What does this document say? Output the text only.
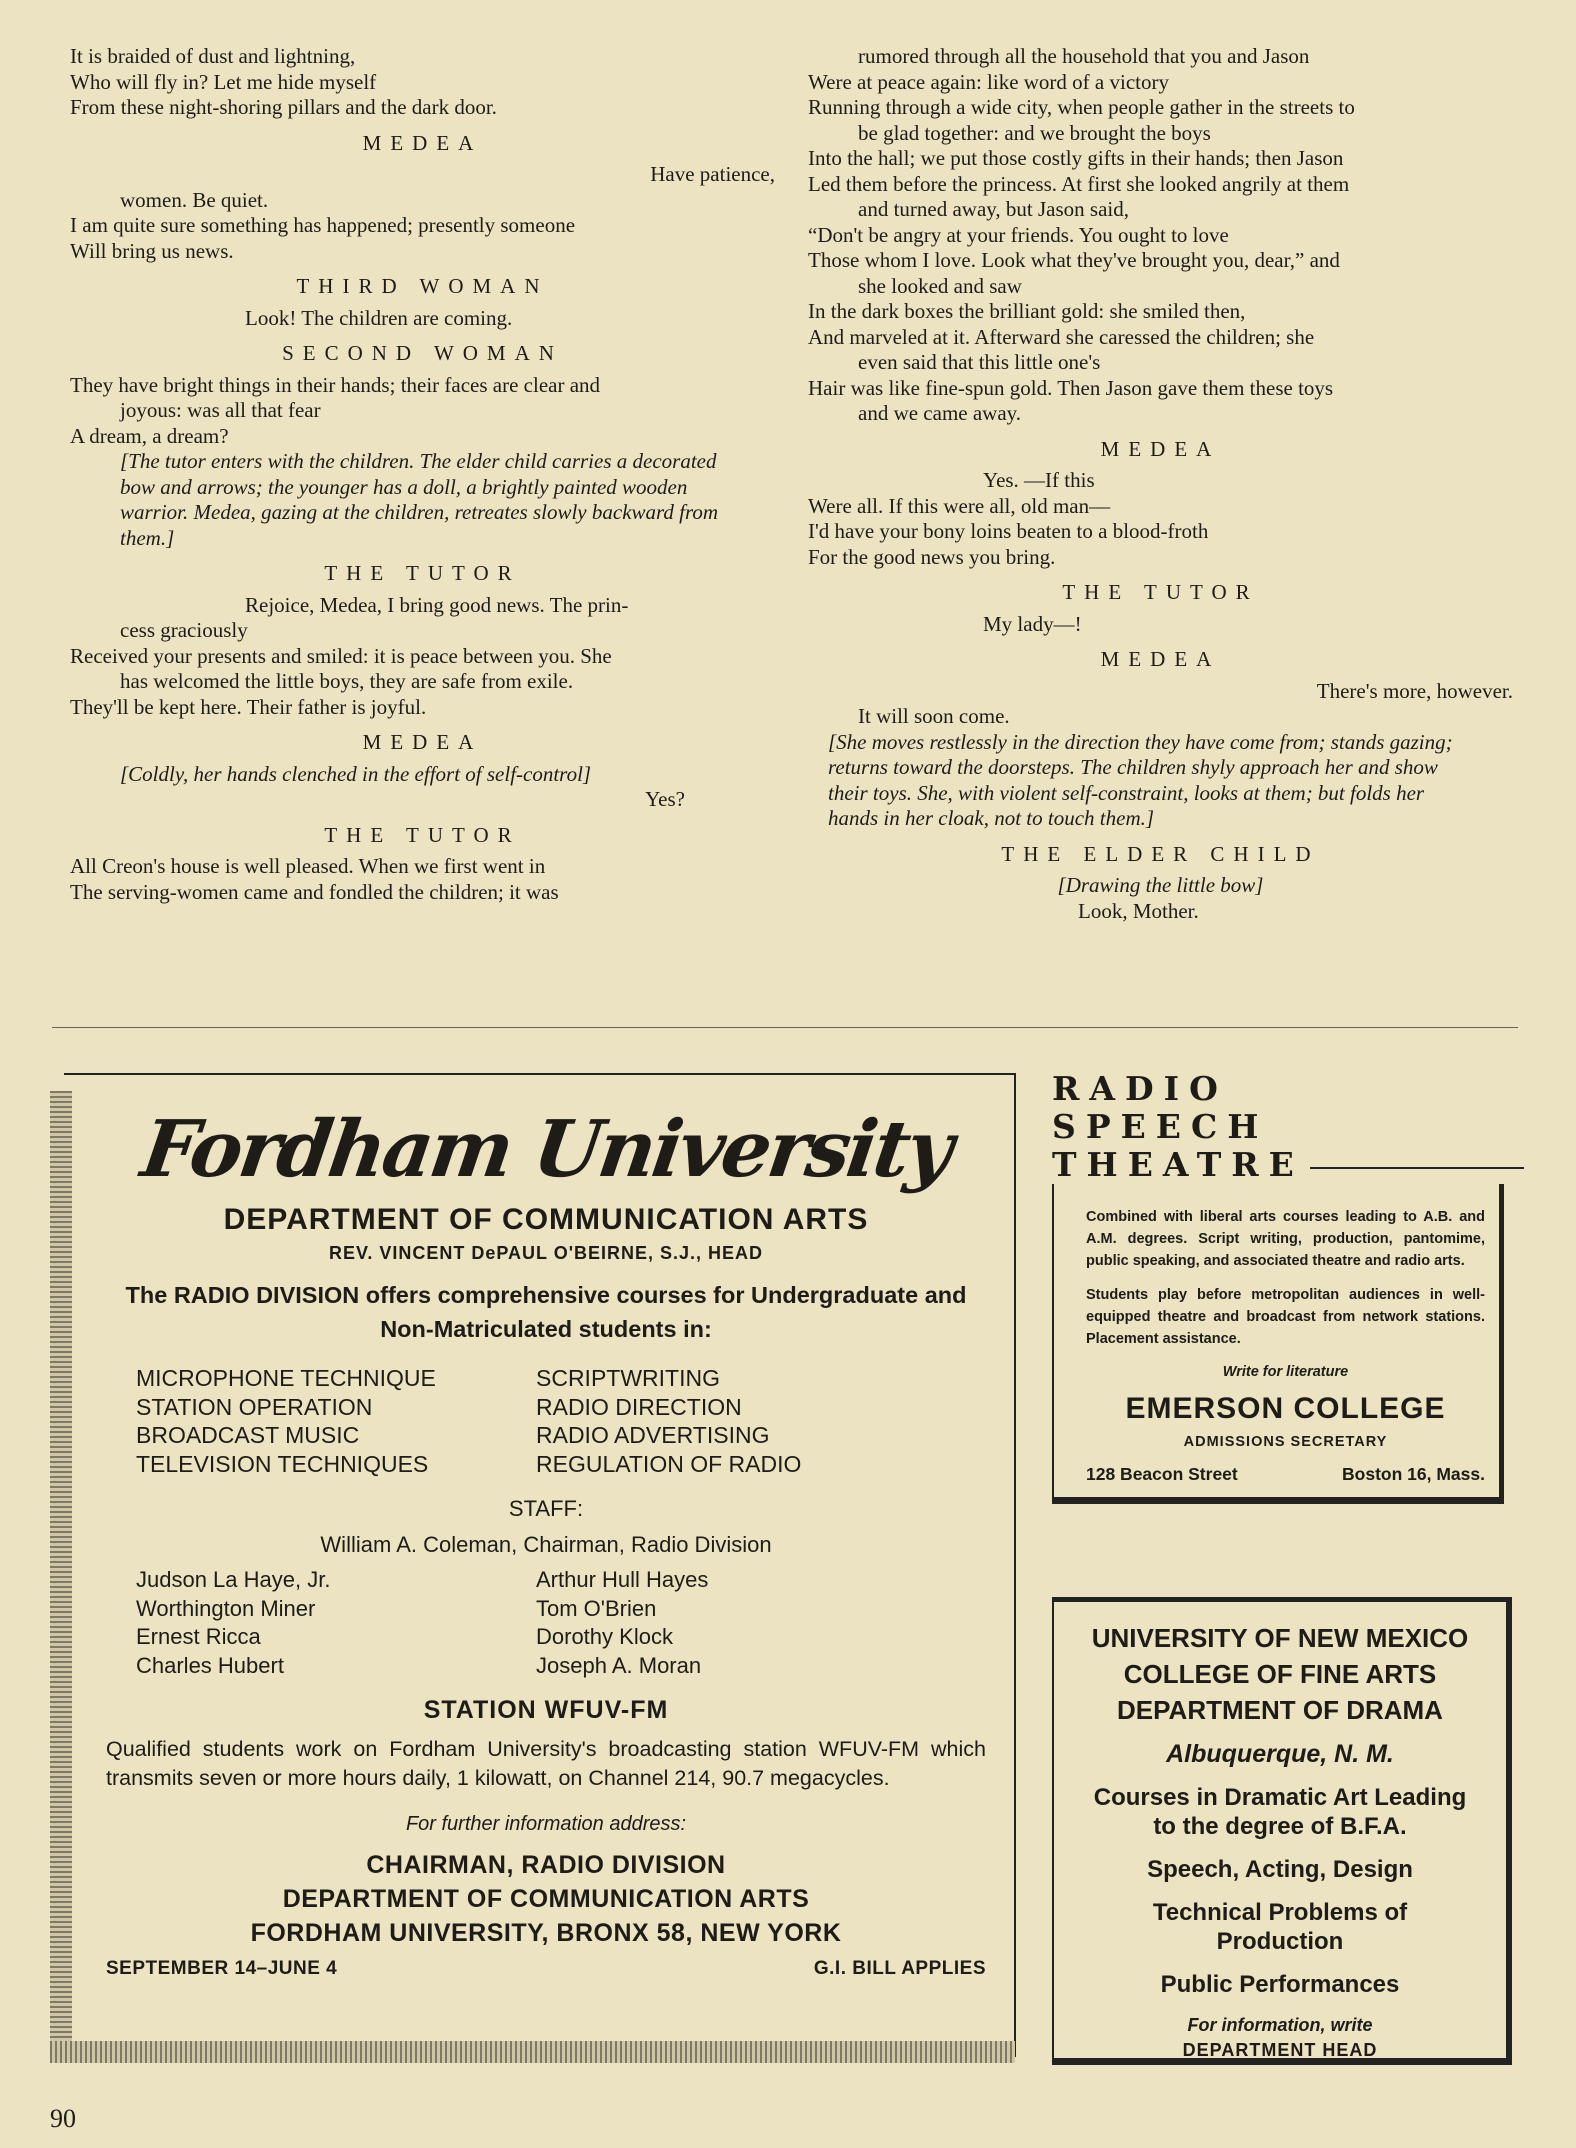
It is braided of dust and lightning,
Who will fly in? Let me hide myself
From these night-shoring pillars and the dark door.
MEDEA
Have patience,
women. Be quiet.
I am quite sure something has happened; presently someone
Will bring us news.
THIRD WOMAN
Look! The children are coming.
SECOND WOMAN
They have bright things in their hands; their faces are clear and
joyous: was all that fear
A dream, a dream?
[The tutor enters with the children. The elder child carries a decorated bow and arrows; the younger has a doll, a brightly painted wooden warrior. Medea, gazing at the children, retreates slowly backward from them.]
THE TUTOR
Rejoice, Medea, I bring good news. The prin-
cess graciously
Received your presents and smiled: it is peace between you. She
has welcomed the little boys, they are safe from exile.
They'll be kept here. Their father is joyful.
MEDEA
[Coldly, her hands clenched in the effort of self-control]
Yes?
THE TUTOR
All Creon's house is well pleased. When we first went in
The serving-women came and fondled the children; it was
rumored through all the household that you and Jason
Were at peace again: like word of a victory
Running through a wide city, when people gather in the streets to
be glad together: and we brought the boys
Into the hall; we put those costly gifts in their hands; then Jason
Led them before the princess. At first she looked angrily at them
and turned away, but Jason said,
“Don't be angry at your friends. You ought to love
Those whom I love. Look what they've brought you, dear,” and
she looked and saw
In the dark boxes the brilliant gold: she smiled then,
And marveled at it. Afterward she caressed the children; she
even said that this little one's
Hair was like fine-spun gold. Then Jason gave them these toys
and we came away.
MEDEA
Yes. —If this
Were all. If this were all, old man—
I'd have your bony loins beaten to a blood-froth
For the good news you bring.
THE TUTOR
My lady—!
MEDEA
There's more, however.
It will soon come.
[She moves restlessly in the direction they have come from; stands gazing; returns toward the doorsteps. The children shyly approach her and show their toys. She, with violent self-constraint, looks at them; but folds her hands in her cloak, not to touch them.]
THE ELDER CHILD
[Drawing the little bow]
Look, Mother.
Fordham University
DEPARTMENT OF COMMUNICATION ARTS
REV. VINCENT DePAUL O'BEIRNE, S.J., HEAD
The RADIO DIVISION offers comprehensive courses for Undergraduate and Non-Matriculated students in:
MICROPHONE TECHNIQUE	SCRIPTWRITING
STATION OPERATION	RADIO DIRECTION
BROADCAST MUSIC	RADIO ADVERTISING
TELEVISION TECHNIQUES	REGULATION OF RADIO
STAFF:
William A. Coleman, Chairman, Radio Division
Judson La Haye, Jr.	Arthur Hull Hayes
Worthington Miner	Tom O'Brien
Ernest Ricca	Dorothy Klock
Charles Hubert	Joseph A. Moran
STATION WFUV-FM
Qualified students work on Fordham University's broadcasting station WFUV-FM which transmits seven or more hours daily, 1 kilowatt, on Channel 214, 90.7 megacycles.
For further information address:
CHAIRMAN, RADIO DIVISION
DEPARTMENT OF COMMUNICATION ARTS
FORDHAM UNIVERSITY, BRONX 58, NEW YORK
SEPTEMBER 14–JUNE 4	G.I. BILL APPLIES
RADIO
SPEECH
THEATRE

Combined with liberal arts courses leading to A.B. and A.M. degrees. Script writing, production, pantomime, public speaking, and associated theatre and radio arts.

Students play before metropolitan audiences in well-equipped theatre and broadcast from network stations. Placement assistance.

Write for literature
EMERSON COLLEGE
ADMISSIONS SECRETARY
128 Beacon Street	Boston 16, Mass.
UNIVERSITY OF NEW MEXICO
COLLEGE OF FINE ARTS
DEPARTMENT OF DRAMA
Albuquerque, N. M.
Courses in Dramatic Art Leading to the degree of B.F.A.
Speech, Acting, Design
Technical Problems of Production
Public Performances
For information, write
DEPARTMENT HEAD
90
